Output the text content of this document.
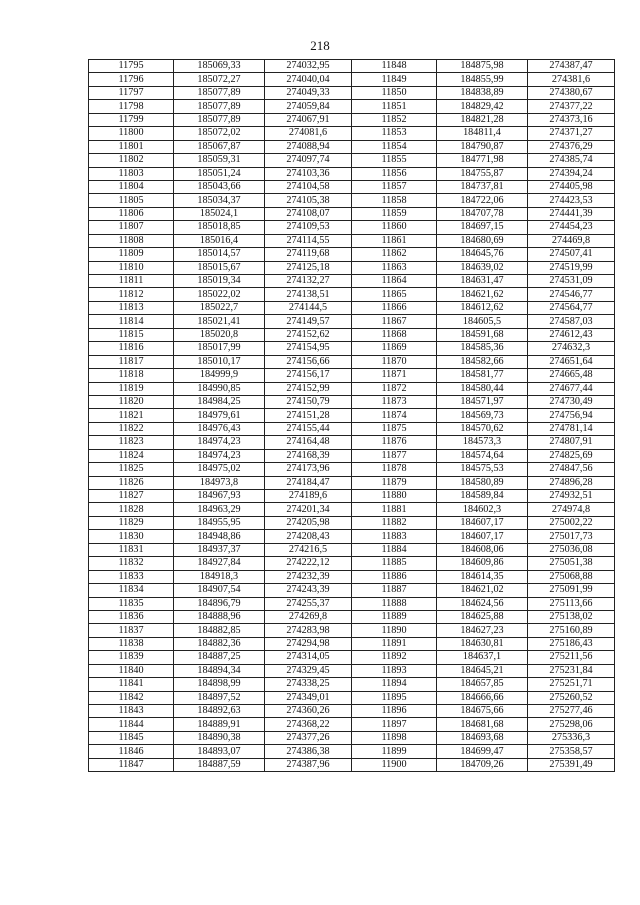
218
11795	185069,33	274032,95	11848	184875,98	274387,47
11796	185072,27	274040,04	11849	184855,99	274381,6
11797	185077,89	274049,33	11850	184838,89	274380,67
11798	185077,89	274059,84	11851	184829,42	274377,22
11799	185077,89	274067,91	11852	184821,28	274373,16
11800	185072,02	274081,6	11853	184811,4	274371,27
11801	185067,87	274088,94	11854	184790,87	274376,29
11802	185059,31	274097,74	11855	184771,98	274385,74
11803	185051,24	274103,36	11856	184755,87	274394,24
11804	185043,66	274104,58	11857	184737,81	274405,98
11805	185034,37	274105,38	11858	184722,06	274423,53
11806	185024,1	274108,07	11859	184707,78	274441,39
11807	185018,85	274109,53	11860	184697,15	274454,23
11808	185016,4	274114,55	11861	184680,69	274469,8
11809	185014,57	274119,68	11862	184645,76	274507,41
11810	185015,67	274125,18	11863	184639,02	274519,99
11811	185019,34	274132,27	11864	184631,47	274531,09
11812	185022,02	274138,51	11865	184621,62	274546,77
11813	185022,7	274144,5	11866	184612,62	274564,77
11814	185021,41	274149,57	11867	184605,5	274587,03
11815	185020,8	274152,62	11868	184591,68	274612,43
11816	185017,99	274154,95	11869	184585,36	274632,3
11817	185010,17	274156,66	11870	184582,66	274651,64
11818	184999,9	274156,17	11871	184581,77	274665,48
11819	184990,85	274152,99	11872	184580,44	274677,44
11820	184984,25	274150,79	11873	184571,97	274730,49
11821	184979,61	274151,28	11874	184569,73	274756,94
11822	184976,43	274155,44	11875	184570,62	274781,14
11823	184974,23	274164,48	11876	184573,3	274807,91
11824	184974,23	274168,39	11877	184574,64	274825,69
11825	184975,02	274173,96	11878	184575,53	274847,56
11826	184973,8	274184,47	11879	184580,89	274896,28
11827	184967,93	274189,6	11880	184589,84	274932,51
11828	184963,29	274201,34	11881	184602,3	274974,8
11829	184955,95	274205,98	11882	184607,17	275002,22
11830	184948,86	274208,43	11883	184607,17	275017,73
11831	184937,37	274216,5	11884	184608,06	275036,08
11832	184927,84	274222,12	11885	184609,86	275051,38
11833	184918,3	274232,39	11886	184614,35	275068,88
11834	184907,54	274243,39	11887	184621,02	275091,99
11835	184896,79	274255,37	11888	184624,56	275113,66
11836	184888,96	274269,8	11889	184625,88	275138,02
11837	184882,85	274283,98	11890	184627,23	275160,89
11838	184882,36	274294,98	11891	184630,81	275186,43
11839	184887,25	274314,05	11892	184637,1	275211,56
11840	184894,34	274329,45	11893	184645,21	275231,84
11841	184898,99	274338,25	11894	184657,85	275251,71
11842	184897,52	274349,01	11895	184666,66	275260,52
11843	184892,63	274360,26	11896	184675,66	275277,46
11844	184889,91	274368,22	11897	184681,68	275298,06
11845	184890,38	274377,26	11898	184693,68	275336,3
11846	184893,07	274386,38	11899	184699,47	275358,57
11847	184887,59	274387,96	11900	184709,26	275391,49
